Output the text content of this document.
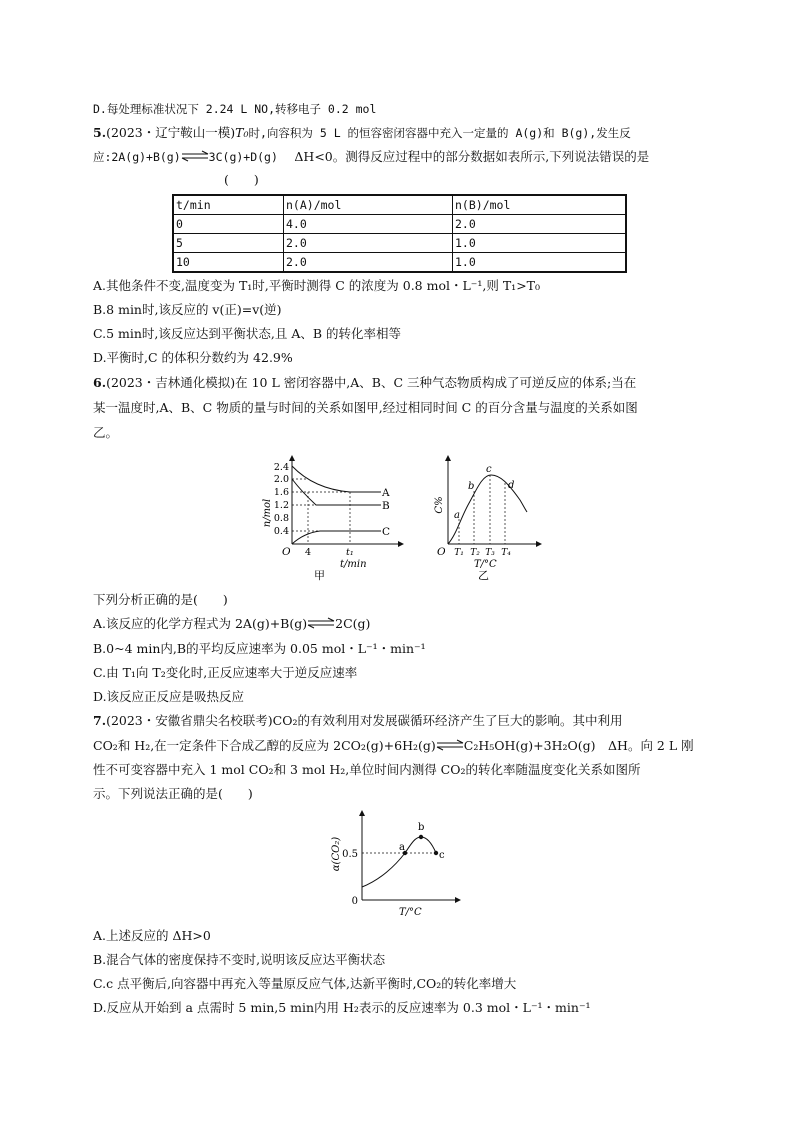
D.每处理标准状况下 2.24 L NO,转移电子 0.2 mol
5.(2023・辽宁鞍山一模)T₀时,向容积为 5 L 的恒容密闭容器中充入一定量的 A(g)和 B(g),发生反
应:2A(g)+B(g)⇌3C(g)+D(g)　 ΔH<0。测得反应过程中的部分数据如表所示,下列说法错误的是
(　　)
t/min	n(A)/mol	n(B)/mol
0	4.0	2.0
5	2.0	1.0
10	2.0	1.0
A.其他条件不变,温度变为 T₁时,平衡时测得 C 的浓度为 0.8 mol・L⁻¹,则 T₁>T₀
B.8 min时,该反应的 v(正)=v(逆)
C.5 min时,该反应达到平衡状态,且 A、B 的转化率相等
D.平衡时,C 的体积分数约为 42.9%
6.(2023・吉林通化模拟)在 10 L 密闭容器中,A、B、C 三种气态物质构成了可逆反应的体系;当在
某一温度时,A、B、C 物质的量与时间的关系如图甲,经过相同时间 C 的百分含量与温度的关系如图
乙。
2.4
2.0
1.6
1.2
0.8
0.4
n/mol
O 4	t₁
t/min
A
B
C
甲
C%
O
a
b
c
d
T₁ T₂ T₃ T₄
T/°C
乙
下列分析正确的是(　　)
A.该反应的化学方程式为 2A(g)+B(g)⇌2C(g)
B.0~4 min内,B的平均反应速率为 0.05 mol・L⁻¹・min⁻¹
C.由 T₁向 T₂变化时,正反应速率大于逆反应速率
D.该反应正反应是吸热反应
7.(2023・安徽省鼎尖名校联考)CO₂的有效利用对发展碳循环经济产生了巨大的影响。其中利用
CO₂和 H₂,在一定条件下合成乙醇的反应为 2CO₂(g)+6H₂(g)⇌C₂H₅OH(g)+3H₂O(g)　ΔH。向 2 L 刚
性不可变容器中充入 1 mol CO₂和 3 mol H₂,单位时间内测得 CO₂的转化率随温度变化关系如图所
示。下列说法正确的是(　　)
a
b
c
0.5
0
α(CO₂)
T/°C
A.上述反应的 ΔH>0
B.混合气体的密度保持不变时,说明该反应达平衡状态
C.c 点平衡后,向容器中再充入等量原反应气体,达新平衡时,CO₂的转化率增大
D.反应从开始到 a 点需时 5 min,5 min内用 H₂表示的反应速率为 0.3 mol・L⁻¹・min⁻¹
